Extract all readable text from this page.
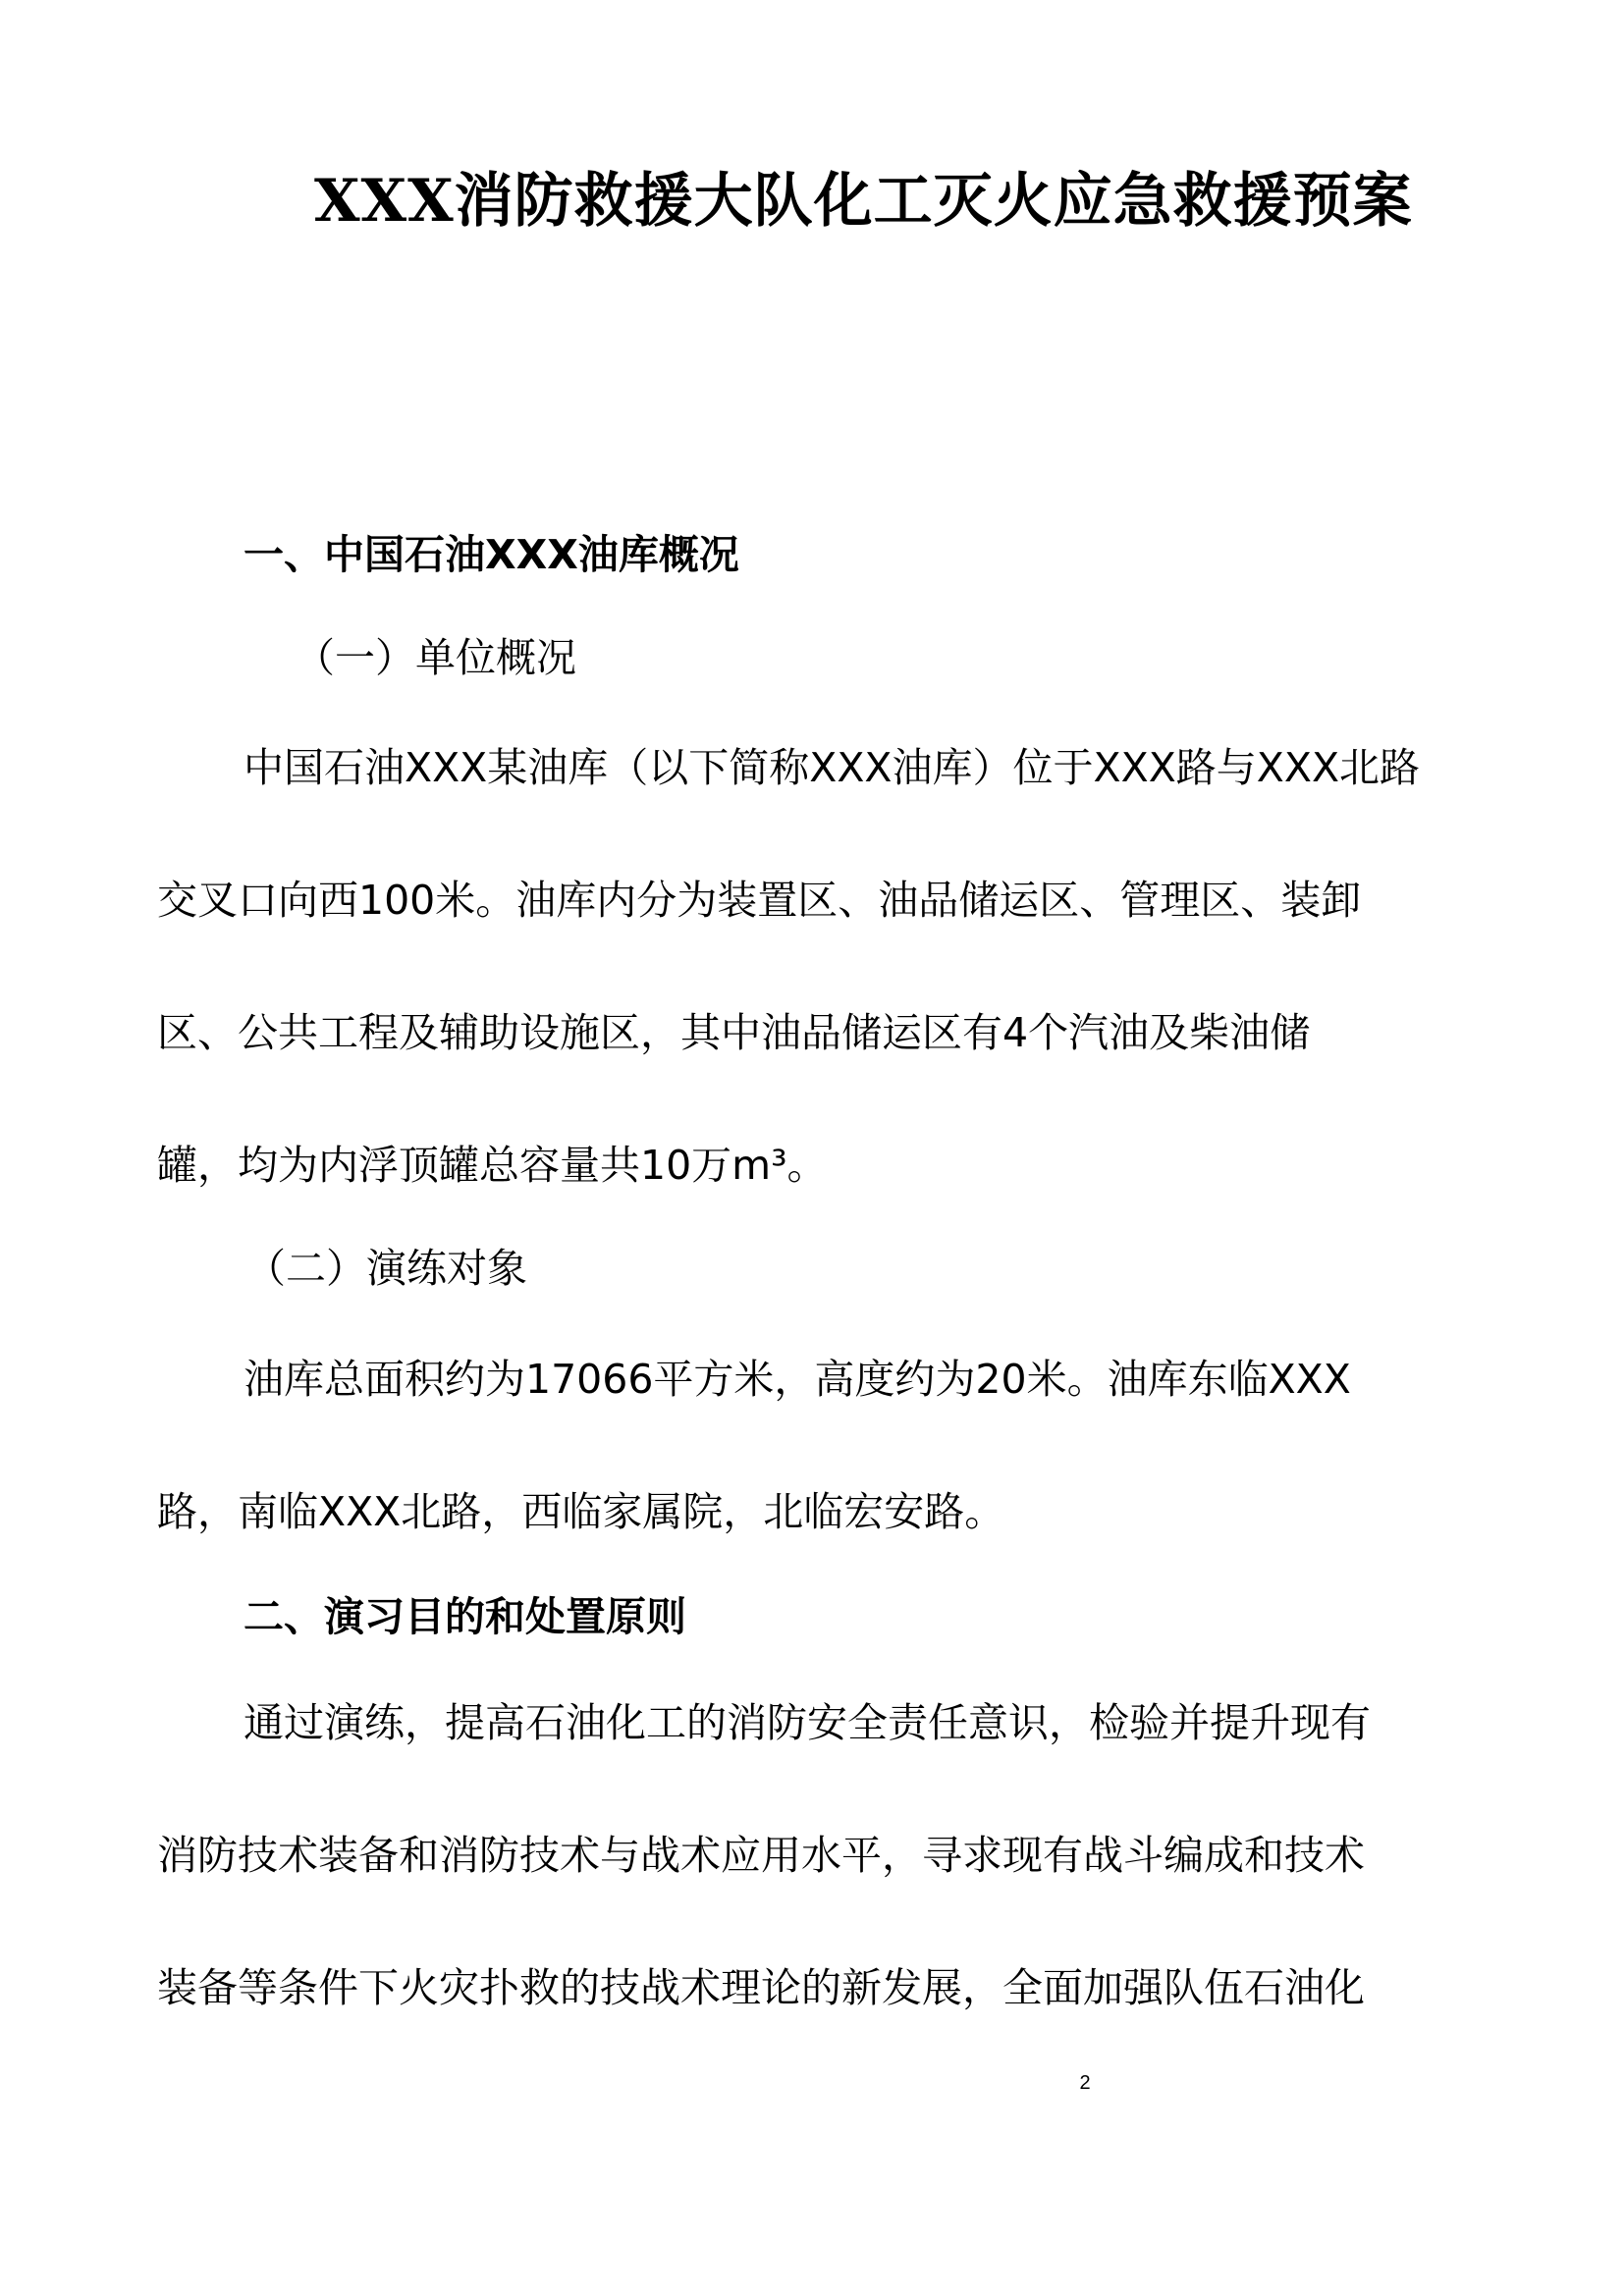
XXX消防救援大队化工灭火应急救援预案
一、中国石油XXX油库概况
（一）单位概况
中国石油XXX某油库（以下简称XXX油库）位于XXX路与XXX北路
交叉口向西100米。油库内分为装置区、油品储运区、管理区、装卸
区、公共工程及辅助设施区，其中油品储运区有4个汽油及柴油储
罐，均为内浮顶罐总容量共10万m³。
（二）演练对象
油库总面积约为17066平方米，高度约为20米。油库东临XXX
路，南临XXX北路，西临家属院，北临宏安路。
二、演习目的和处置原则
通过演练，提高石油化工的消防安全责任意识，检验并提升现有
消防技术装备和消防技术与战术应用水平，寻求现有战斗编成和技术
装备等条件下火灾扑救的技战术理论的新发展，全面加强队伍石油化
2
